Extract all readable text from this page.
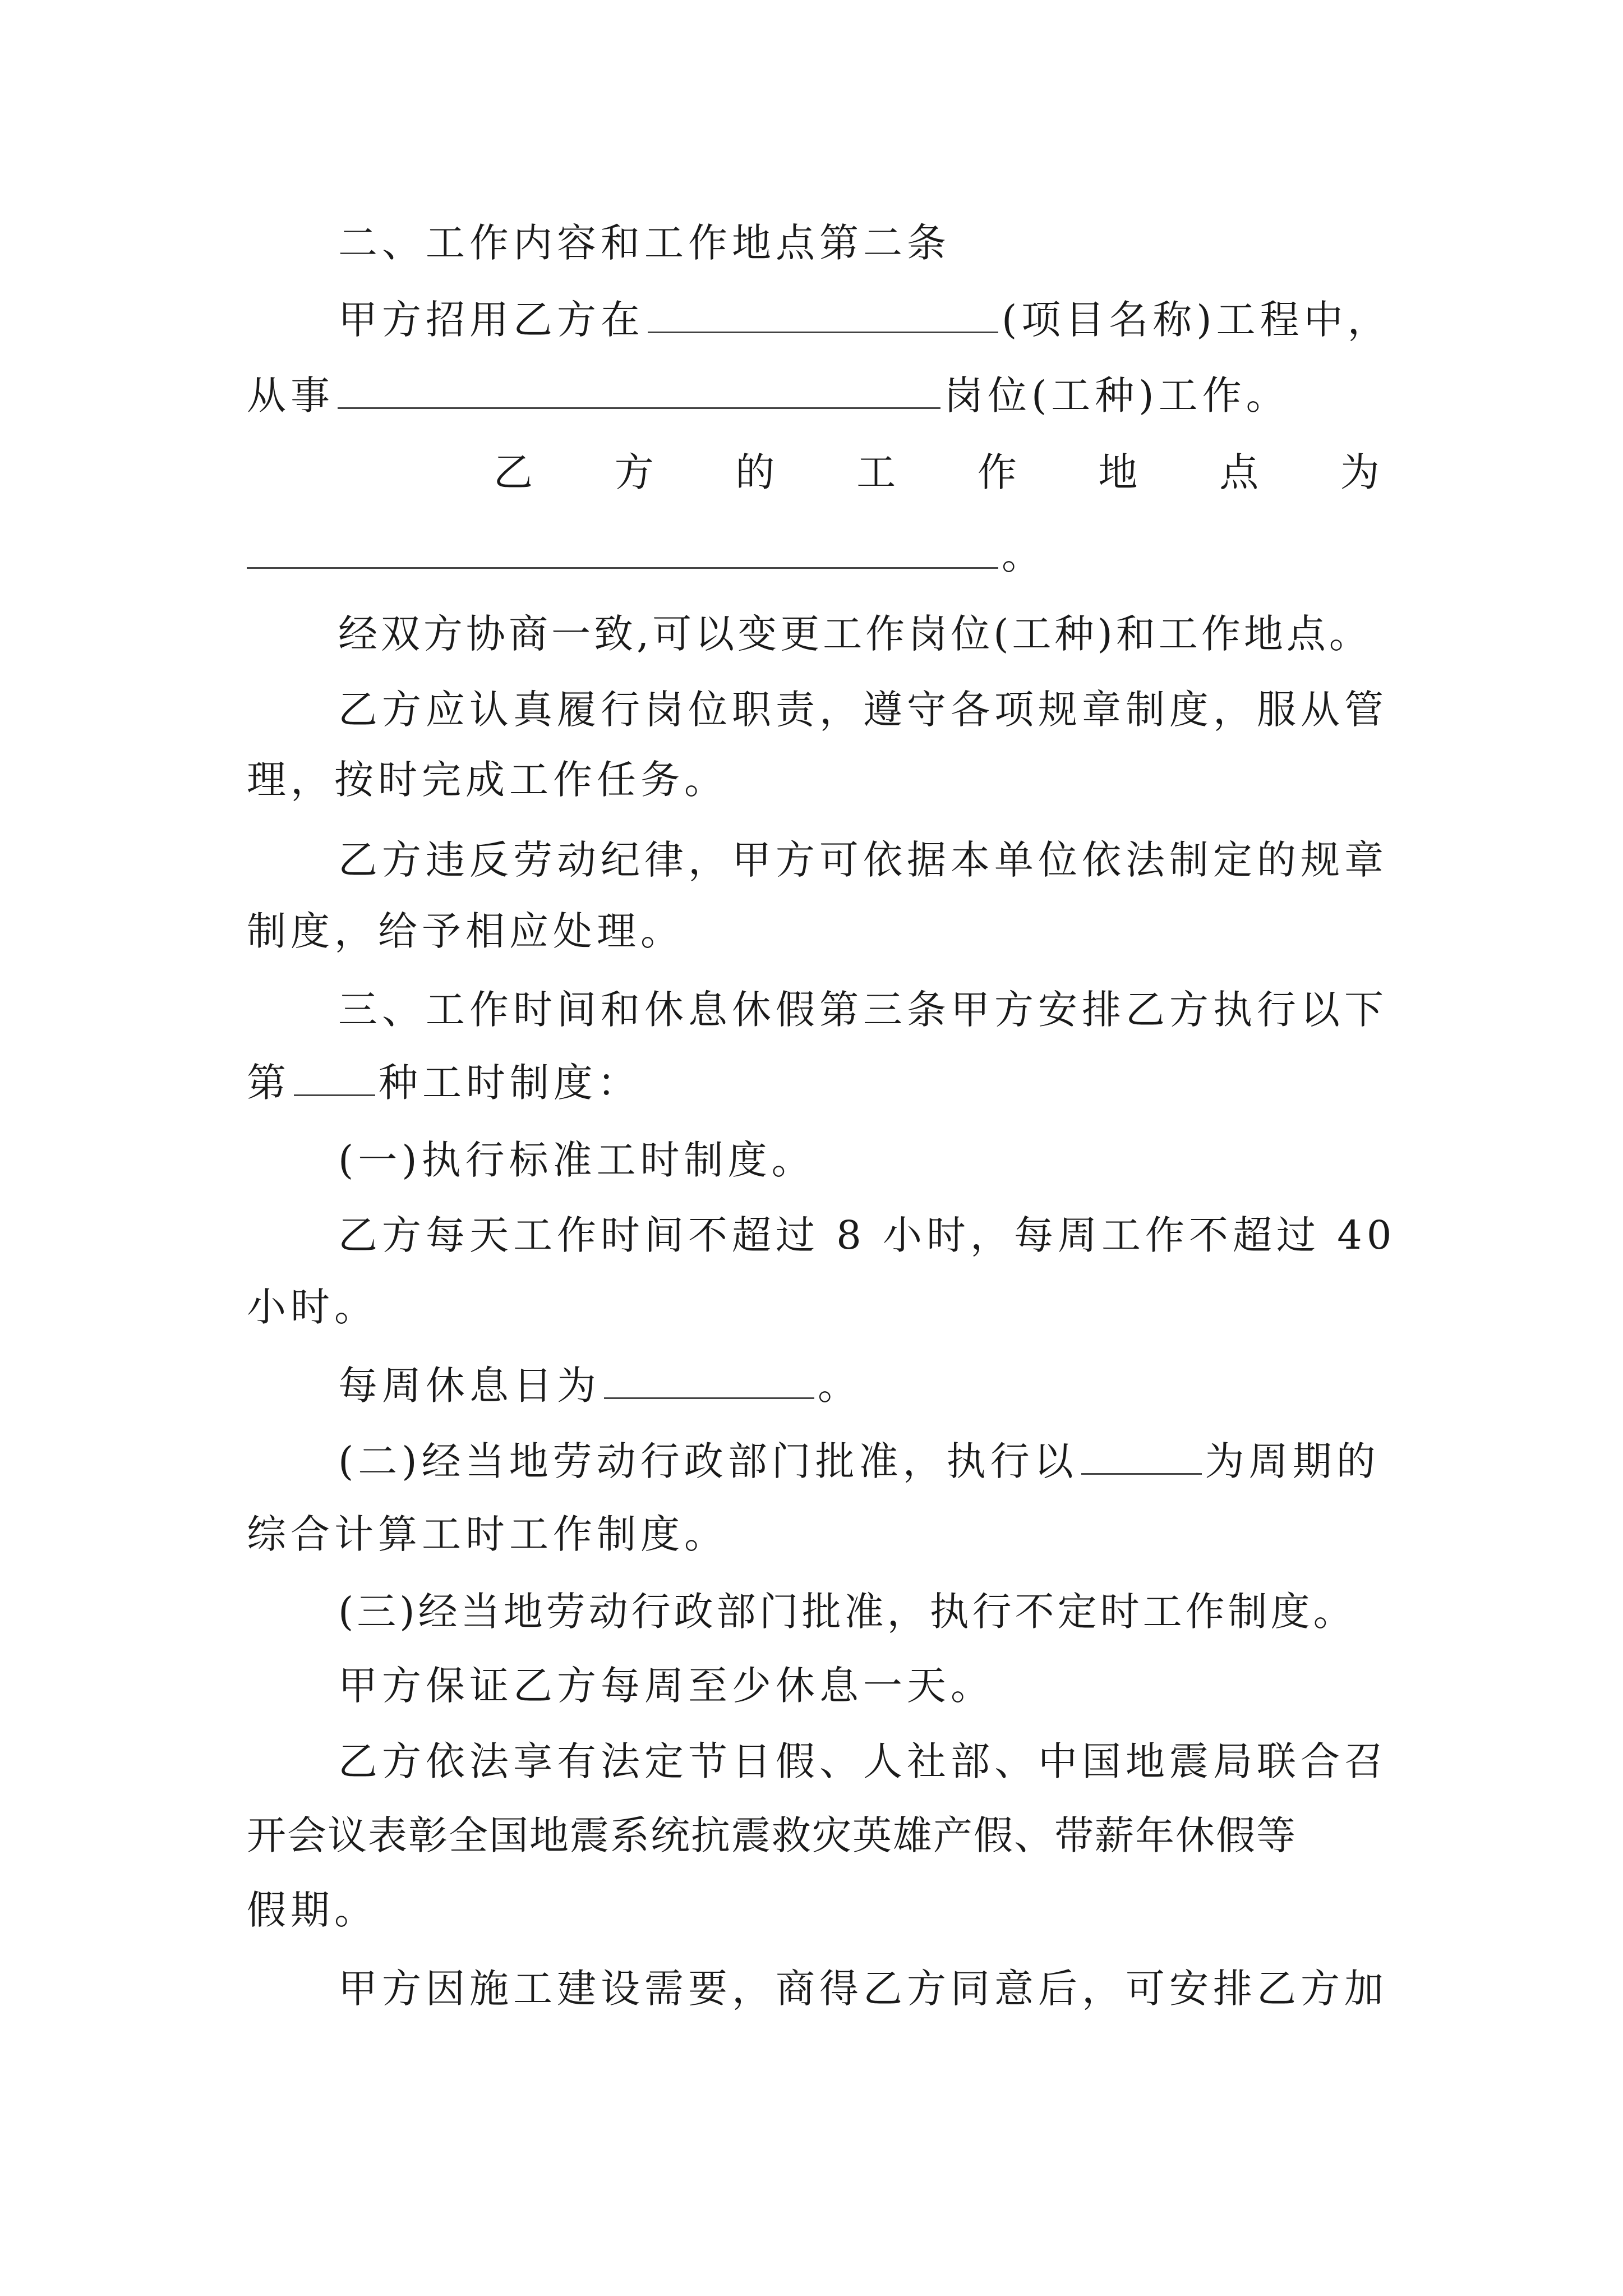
二、工作内容和工作地点第二条
甲方招用乙方在	(项目名称)工程中，
从事	岗位(工种)工作。
乙 方 的 工 作 地 点 为
。
经双方协商一致,可以变更工作岗位(工种)和工作地点。
乙方应认真履行岗位职责，遵守各项规章制度，服从管
理，按时完成工作任务。
乙方违反劳动纪律，甲方可依据本单位依法制定的规章
制度，给予相应处理。
三、工作时间和休息休假第三条甲方安排乙方执行以下
第 种工时制度：
(一)执行标准工时制度。
乙方每天工作时间不超过 8 小时，每周工作不超过 40
小时。
每周休息日为	。
(二)经当地劳动行政部门批准，执行以	为周期的
综合计算工时工作制度。
(三)经当地劳动行政部门批准，执行不定时工作制度。
甲方保证乙方每周至少休息一天。
乙方依法享有法定节日假、人社部、中国地震局联合召
开会议表彰全国地震系统抗震救灾英雄产假、带薪年休假等
假期。
甲方因施工建设需要，商得乙方同意后，可安排乙方加
